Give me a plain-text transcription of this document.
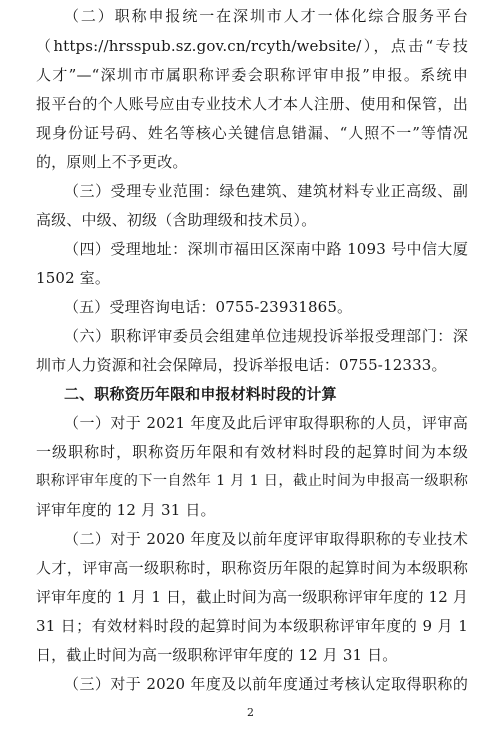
（二）职称申报统一在深圳市人才一体化综合服务平台
（https://hrsspub.sz.gov.cn/rcyth/website/），点击“专技
人才”—“深圳市市属职称评委会职称评审申报”申报。系统申
报平台的个人账号应由专业技术人才本人注册、使用和保管，出
现身份证号码、姓名等核心关键信息错漏、“人照不一”等情况
的，原则上不予更改。
（三）受理专业范围：绿色建筑、建筑材料专业正高级、副
高级、中级、初级（含助理级和技术员）。
（四）受理地址：深圳市福田区深南中路 1093 号中信大厦
1502 室。
（五）受理咨询电话：0755-23931865。
（六）职称评审委员会组建单位违规投诉举报受理部门：深
圳市人力资源和社会保障局，投诉举报电话：0755-12333。
二、职称资历年限和申报材料时段的计算
（一）对于 2021 年度及此后评审取得职称的人员，评审高
一级职称时，职称资历年限和有效材料时段的起算时间为本级
职称评审年度的下一自然年 1 月 1 日，截止时间为申报高一级职称
评审年度的 12 月 31 日。
（二）对于 2020 年度及以前年度评审取得职称的专业技术
人才，评审高一级职称时，职称资历年限的起算时间为本级职称
评审年度的 1 月 1 日，截止时间为高一级职称评审年度的 12 月
31 日；有效材料时段的起算时间为本级职称评审年度的 9 月 1
日，截止时间为高一级职称评审年度的 12 月 31 日。
（三）对于 2020 年度及以前年度通过考核认定取得职称的
2
